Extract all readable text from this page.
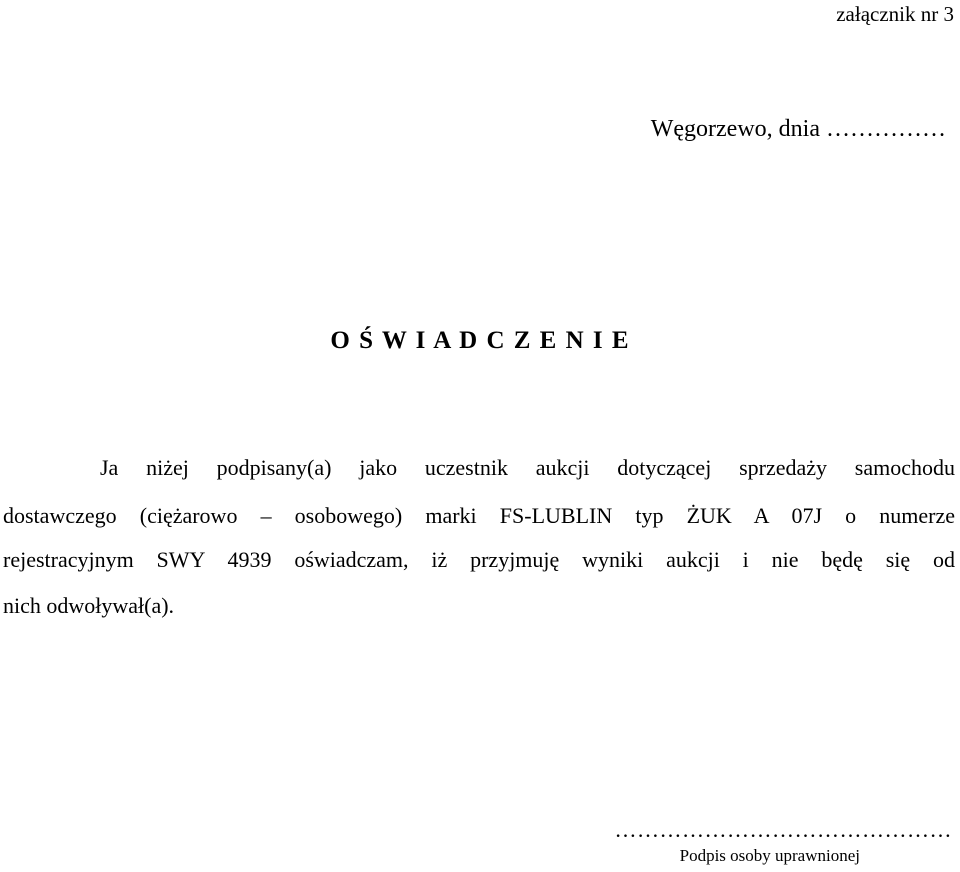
załącznik nr 3
Węgorzewo, dnia ……………
O Ś W I A D C Z E N I E
Ja niżej podpisany(a) jako uczestnik aukcji dotyczącej sprzedaży samochodu
dostawczego (ciężarowo – osobowego) marki FS-LUBLIN typ ŻUK A 07J o numerze
rejestracyjnym SWY 4939 oświadczam, iż przyjmuję wyniki aukcji i nie będę się od
nich odwoływał(a).
………………………………………
Podpis osoby uprawnionej
